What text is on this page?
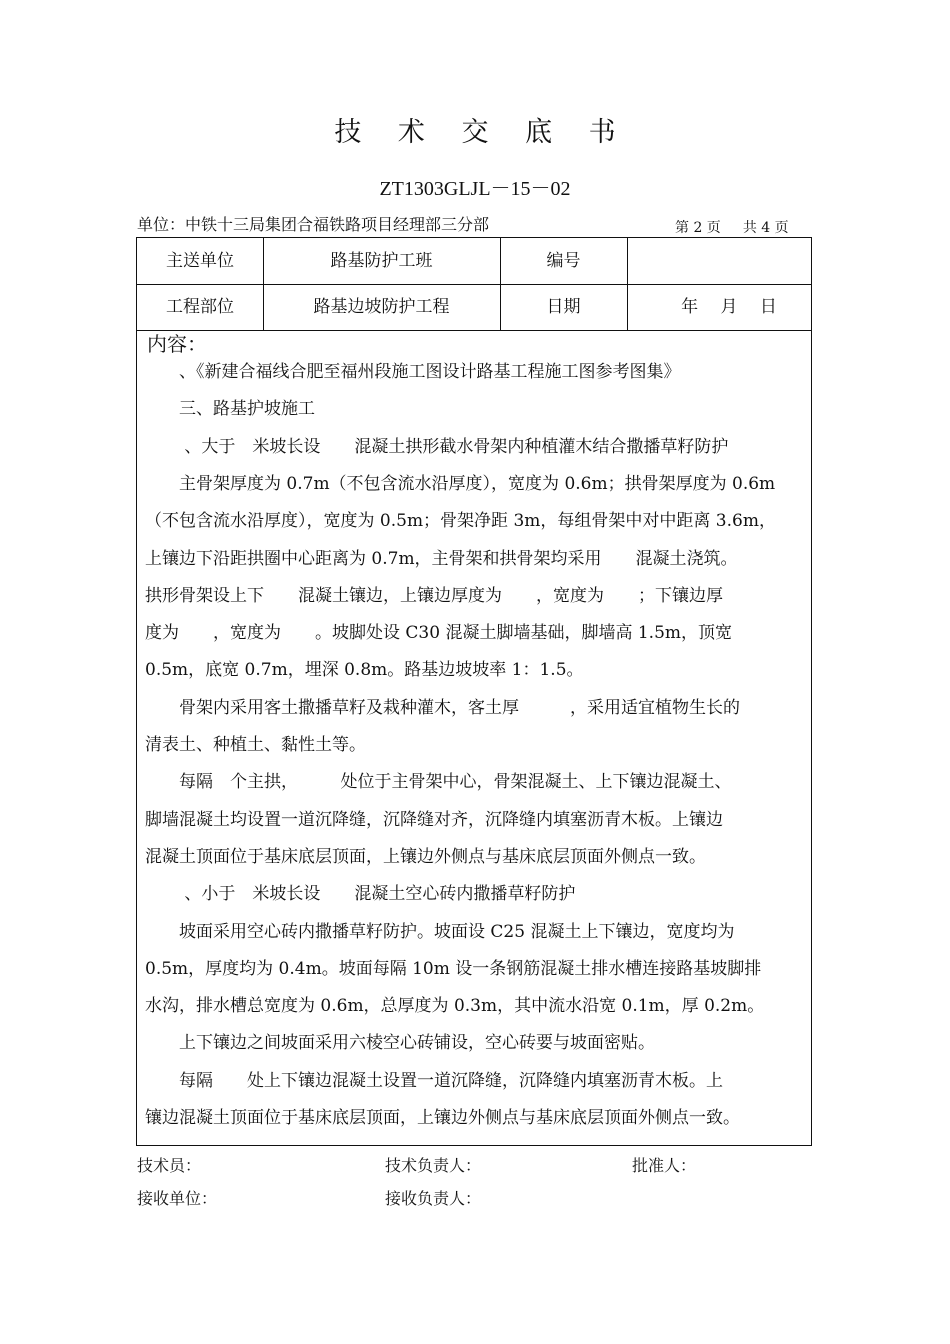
技 术 交 底 书
ZT1303GLJL－15－02
单位：中铁十三局集团合福铁路项目经理部三分部	第 2 页 共 4 页
主送单位	路基防护工班	编号
工程部位	路基边坡防护工程	日期	年　 月　 日
内容：

　　、《新建合福线合肥至福州段施工图设计路基工程施工图参考图集》

　　三、路基护坡施工

　　 、大于　米坡长设　　混凝土拱形截水骨架内种植灌木结合撒播草籽防护

　　主骨架厚度为 0.7m（不包含流水沿厚度），宽度为 0.6m；拱骨架厚度为 0.6m

（不包含流水沿厚度），宽度为 0.5m；骨架净距 3m，每组骨架中对中距离 3.6m，

上镶边下沿距拱圈中心距离为 0.7m，主骨架和拱骨架均采用　　混凝土浇筑。

拱形骨架设上下　　混凝土镶边，上镶边厚度为　　，宽度为　　；下镶边厚

度为　　，宽度为　　。坡脚处设 C30 混凝土脚墙基础，脚墙高 1.5m，顶宽

0.5m，底宽 0.7m，埋深 0.8m。路基边坡坡率 1：1.5。

　　骨架内采用客土撒播草籽及栽种灌木，客土厚　　　，采用适宜植物生长的

清表土、种植土、黏性土等。

　　每隔　个主拱，　　　处位于主骨架中心，骨架混凝土、上下镶边混凝土、

脚墙混凝土均设置一道沉降缝，沉降缝对齐，沉降缝内填塞沥青木板。上镶边

混凝土顶面位于基床底层顶面，上镶边外侧点与基床底层顶面外侧点一致。

　　 、小于　米坡长设　　混凝土空心砖内撒播草籽防护

　　坡面采用空心砖内撒播草籽防护。坡面设 C25 混凝土上下镶边，宽度均为

0.5m，厚度均为 0.4m。坡面每隔 10m 设一条钢筋混凝土排水槽连接路基坡脚排

水沟，排水槽总宽度为 0.6m，总厚度为 0.3m，其中流水沿宽 0.1m，厚 0.2m。

　　上下镶边之间坡面采用六棱空心砖铺设，空心砖要与坡面密贴。

　　每隔　　处上下镶边混凝土设置一道沉降缝，沉降缝内填塞沥青木板。上

镶边混凝土顶面位于基床底层顶面，上镶边外侧点与基床底层顶面外侧点一致。

技术员：	技术负责人：	批准人：
接收单位：	接收负责人：
